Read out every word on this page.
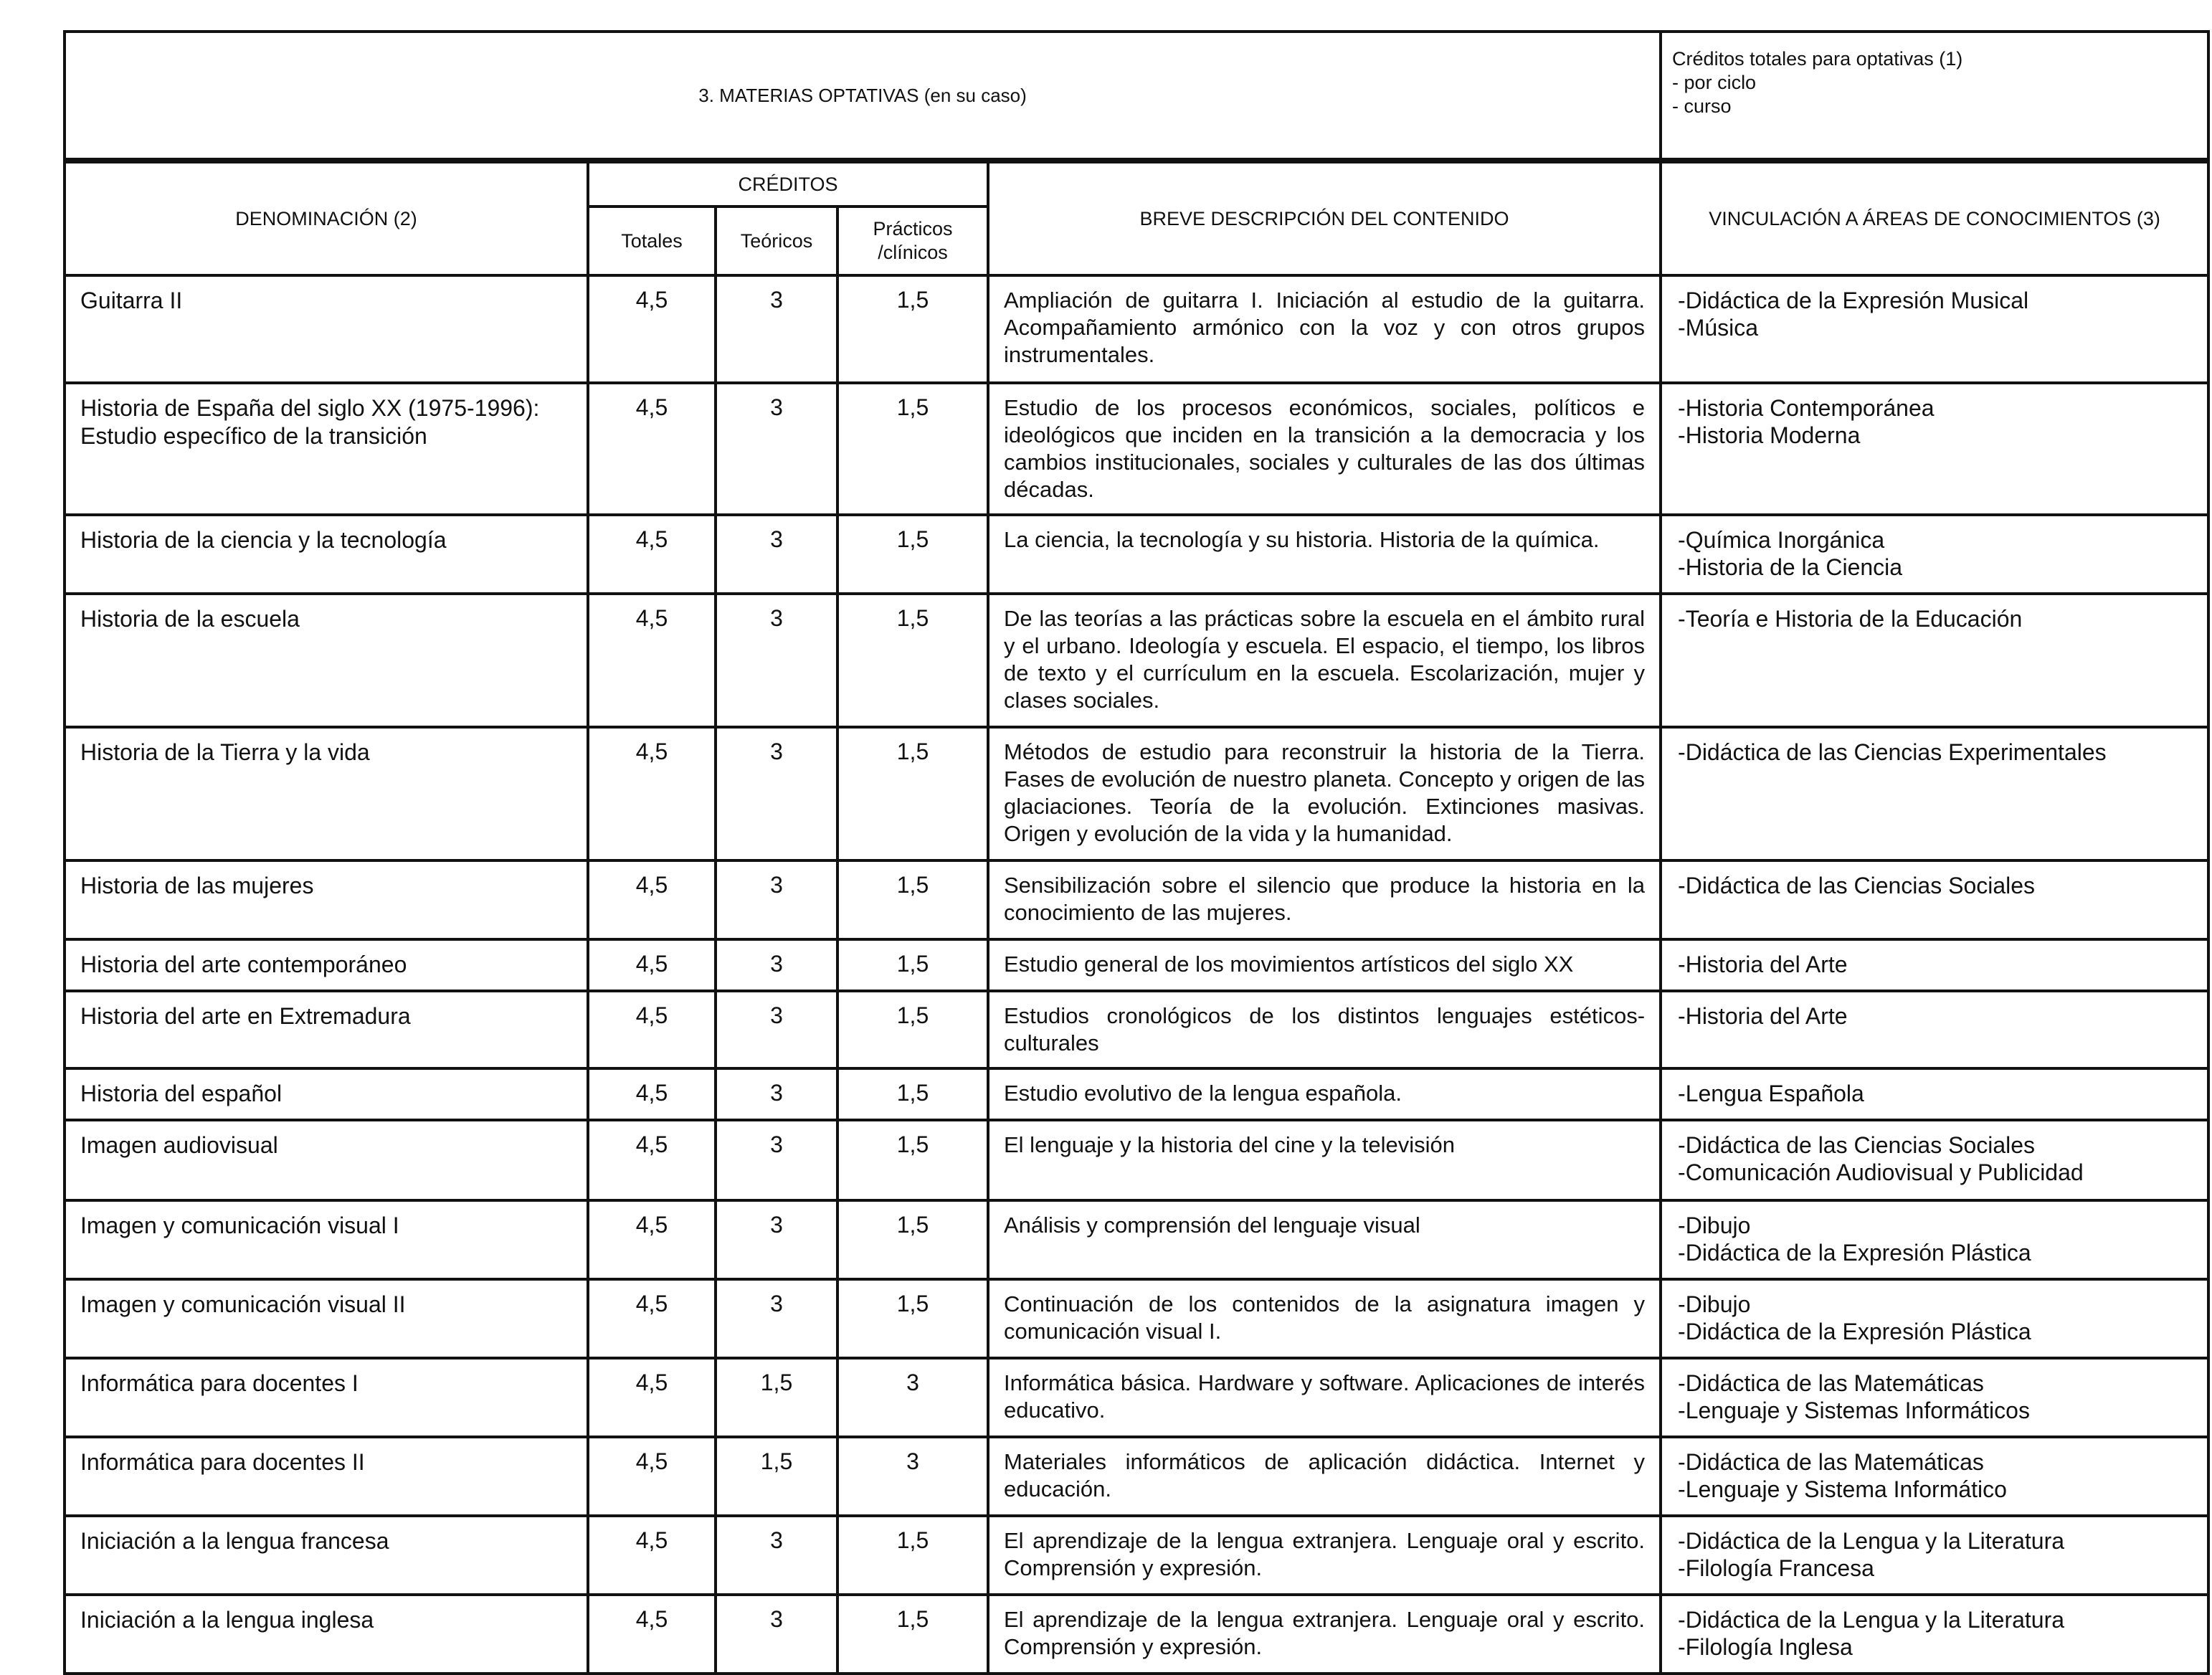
3. MATERIAS OPTATIVAS (en su caso)					Créditos totales para optativas (1)
- por ciclo
- curso

DENOMINACIÓN (2)	CRÉDITOS			BREVE DESCRIPCIÓN DEL CONTENIDO	VINCULACIÓN A ÁREAS DE CONOCIMIENTOS (3)
	Totales	Teóricos	Prácticos
/clínicos		

Guitarra II	4,5	3	1,5	Ampliación de guitarra I. Iniciación al estudio de la guitarra. Acompañamiento armónico con la voz y con otros grupos instrumentales.	-Didáctica de la Expresión Musical
-Música

Historia de España del siglo XX (1975-1996): Estudio específico de la transición	4,5	3	1,5	Estudio de los procesos económicos, sociales, políticos e ideológicos que inciden en la transición a la democracia y los cambios institucionales, sociales y culturales de las dos últimas décadas.	-Historia Contemporánea
-Historia Moderna

Historia de la ciencia y la tecnología	4,5	3	1,5	La ciencia, la tecnología y su historia. Historia de la química.	-Química Inorgánica
-Historia de la Ciencia

Historia de la escuela	4,5	3	1,5	De las teorías a las prácticas sobre la escuela en el ámbito rural y el urbano. Ideología y escuela. El espacio, el tiempo, los libros de texto y el currículum en la escuela. Escolarización, mujer y clases sociales.	-Teoría e Historia de la Educación

Historia de la Tierra y la vida	4,5	3	1,5	Métodos de estudio para reconstruir la historia de la Tierra. Fases de evolución de nuestro planeta. Concepto y origen de las glaciaciones. Teoría de la evolución. Extinciones masivas. Origen y evolución de la vida y la humanidad.	-Didáctica de las Ciencias Experimentales

Historia de las mujeres	4,5	3	1,5	Sensibilización sobre el silencio que produce la historia en la conocimiento de las mujeres.	-Didáctica de las Ciencias Sociales

Historia del arte contemporáneo	4,5	3	1,5	Estudio general de los movimientos artísticos del siglo XX	-Historia del Arte

Historia del arte en Extremadura	4,5	3	1,5	Estudios cronológicos de los distintos lenguajes estéticos-culturales	-Historia del Arte

Historia del español	4,5	3	1,5	Estudio evolutivo de la lengua española.	-Lengua Española

Imagen audiovisual	4,5	3	1,5	El lenguaje y la historia del cine y la televisión	-Didáctica de las Ciencias Sociales
-Comunicación Audiovisual y Publicidad

Imagen y comunicación visual I	4,5	3	1,5	Análisis y comprensión del lenguaje visual	-Dibujo
-Didáctica de la Expresión Plástica

Imagen y comunicación visual II	4,5	3	1,5	Continuación de los contenidos de la asignatura imagen y comunicación visual I.	-Dibujo
-Didáctica de la Expresión Plástica

Informática para docentes I	4,5	1,5	3	Informática básica. Hardware y software. Aplicaciones de interés educativo.	-Didáctica de las Matemáticas
-Lenguaje y Sistemas Informáticos

Informática para docentes II	4,5	1,5	3	Materiales informáticos de aplicación didáctica. Internet y educación.	-Didáctica de las Matemáticas
-Lenguaje y Sistema Informático

Iniciación a la lengua francesa	4,5	3	1,5	El aprendizaje de la lengua extranjera. Lenguaje oral y escrito. Comprensión y expresión.	-Didáctica de la Lengua y la Literatura
-Filología Francesa

Iniciación a la lengua inglesa	4,5	3	1,5	El aprendizaje de la lengua extranjera. Lenguaje oral y escrito. Comprensión y expresión.	-Didáctica de la Lengua y la Literatura
-Filología Inglesa
